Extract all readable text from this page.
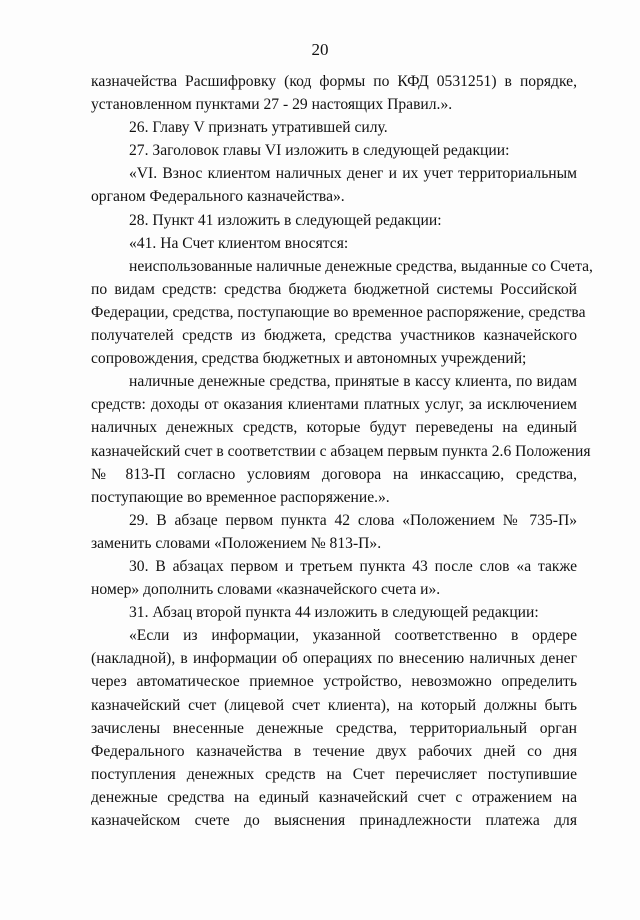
20
казначейства Расшифровку (код формы по КФД 0531251) в порядке,
установленном пунктами 27 - 29 настоящих Правил.».
26. Главу V признать утратившей силу.
27. Заголовок главы VI изложить в следующей редакции:
«VI. Взнос клиентом наличных денег и их учет территориальным
органом Федерального казначейства».
28. Пункт 41 изложить в следующей редакции:
«41. На Счет клиентом вносятся:
неиспользованные наличные денежные средства, выданные со Счета,
по видам средств: средства бюджета бюджетной системы Российской
Федерации, средства, поступающие во временное распоряжение, средства
получателей средств из бюджета, средства участников казначейского
сопровождения, средства бюджетных и автономных учреждений;
наличные денежные средства, принятые в кассу клиента, по видам
средств: доходы от оказания клиентами платных услуг, за исключением
наличных денежных средств, которые будут переведены на единый
казначейский счет в соответствии с абзацем первым пункта 2.6 Положения
№ 813-П согласно условиям договора на инкассацию, средства,
поступающие во временное распоряжение.».
29. В абзаце первом пункта 42 слова «Положением № 735-П»
заменить словами «Положением № 813-П».
30. В абзацах первом и третьем пункта 43 после слов «а также
номер» дополнить словами «казначейского счета и».
31. Абзац второй пункта 44 изложить в следующей редакции:
«Если из информации, указанной соответственно в ордере
(накладной), в информации об операциях по внесению наличных денег
через автоматическое приемное устройство, невозможно определить
казначейский счет (лицевой счет клиента), на который должны быть
зачислены внесенные денежные средства, территориальный орган
Федерального казначейства в течение двух рабочих дней со дня
поступления денежных средств на Счет перечисляет поступившие
денежные средства на единый казначейский счет с отражением на
казначейском счете до выяснения принадлежности платежа для
